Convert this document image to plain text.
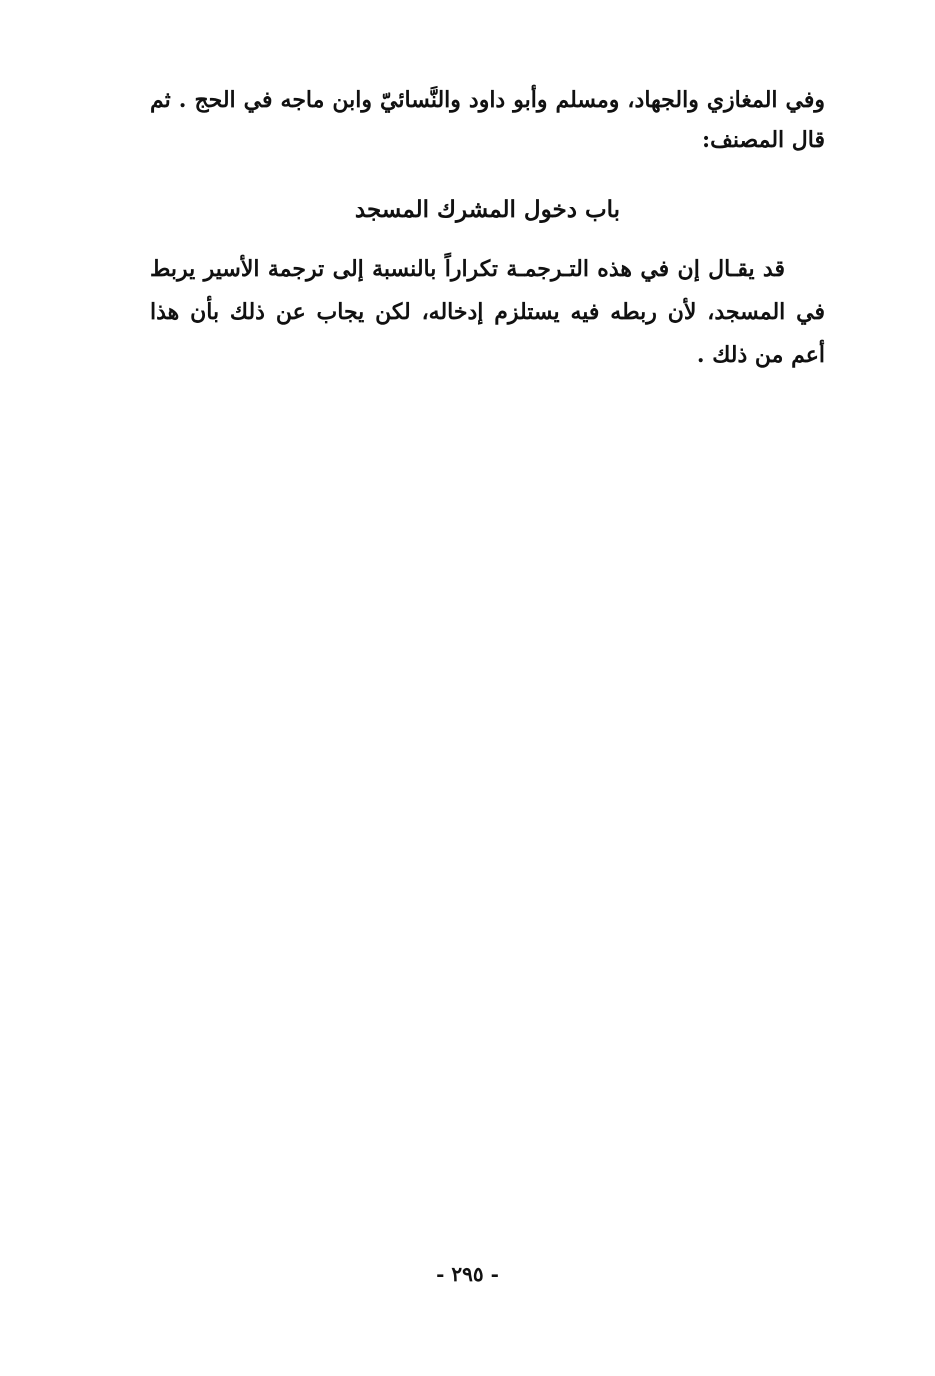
وفي المغازي والجهاد، ومسلم وأبو داود والنَّسائيّ وابن ماجه في الحج . ثم قال المصنف:

باب دخول المشرك المسجد

قد يقـال إن في هذه التـرجمـة تكراراً بالنسبة إلى ترجمة الأسير يربط في المسجد، لأن ربطه فيه يستلزم إدخاله، لكن يجاب عن ذلك بأن هذا أعم من ذلك .

- ٢٩٥ -
